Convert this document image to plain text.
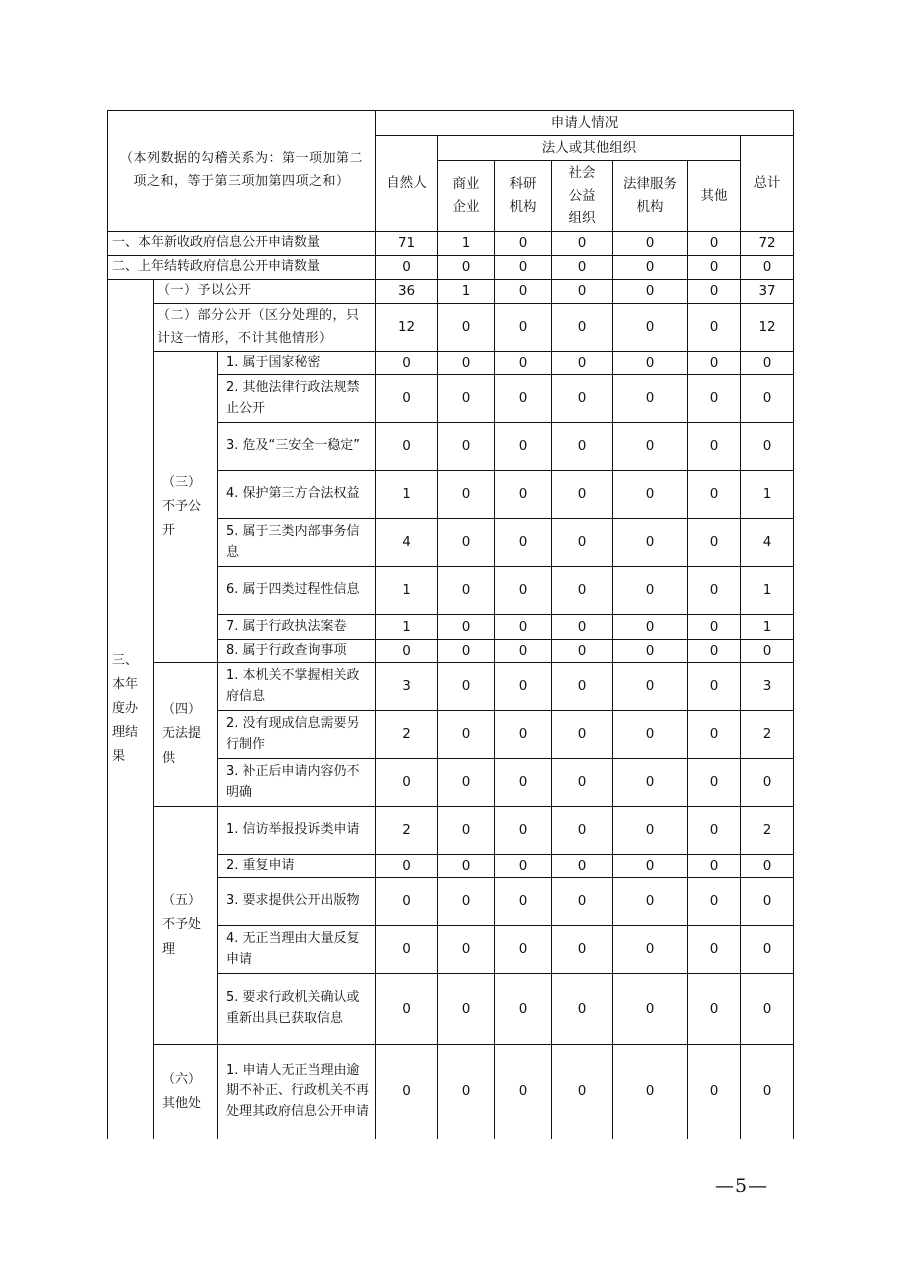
（本列数据的勾稽关系为：第一项加第二项之和，等于第三项加第四项之和）			申请人情况						
			自然人	法人或其他组织					总计
				商业企业	科研机构	社会公益组织	法律服务机构	其他	
一、本年新收政府信息公开申请数量			71	1	0	0	0	0	72
二、上年结转政府信息公开申请数量			0	0	0	0	0	0	0
三、本年度办理结果	（一）予以公开		36	1	0	0	0	0	37
	（二）部分公开（区分处理的，只计这一情形，不计其他情形）		12	0	0	0	0	0	12
	（三）不予公开	1. 属于国家秘密	0	0	0	0	0	0	0
		2. 其他法律行政法规禁止公开	0	0	0	0	0	0	0
		3. 危及“三安全一稳定”	0	0	0	0	0	0	0
		4. 保护第三方合法权益	1	0	0	0	0	0	1
		5. 属于三类内部事务信息	4	0	0	0	0	0	4
		6. 属于四类过程性信息	1	0	0	0	0	0	1
		7. 属于行政执法案卷	1	0	0	0	0	0	1
		8. 属于行政查询事项	0	0	0	0	0	0	0
	（四）无法提供	1. 本机关不掌握相关政府信息	3	0	0	0	0	0	3
		2. 没有现成信息需要另行制作	2	0	0	0	0	0	2
		3. 补正后申请内容仍不明确	0	0	0	0	0	0	0
	（五）不予处理	1. 信访举报投诉类申请	2	0	0	0	0	0	2
		2. 重复申请	0	0	0	0	0	0	0
		3. 要求提供公开出版物	0	0	0	0	0	0	0
		4. 无正当理由大量反复申请	0	0	0	0	0	0	0
		5. 要求行政机关确认或重新出具已获取信息	0	0	0	0	0	0	0
	（六）其他处	1. 申请人无正当理由逾期不补正、行政机关不再处理其政府信息公开申请	0	0	0	0	0	0	0
—5—
